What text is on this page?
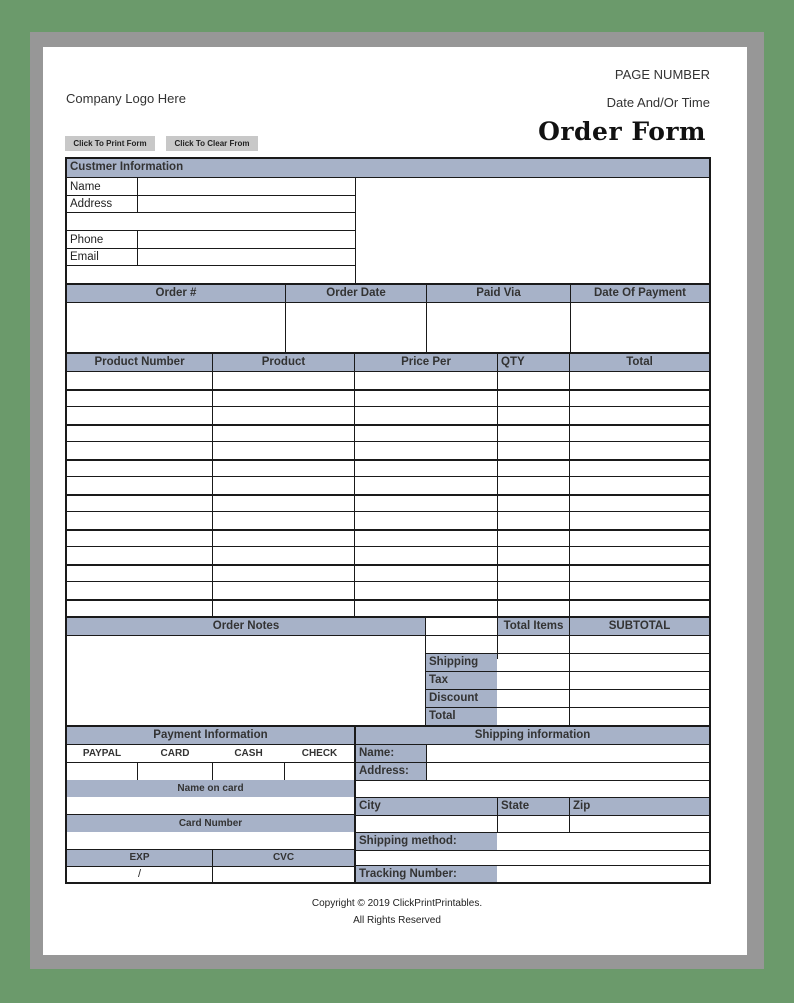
PAGE NUMBER
Company Logo Here	Date And/Or Time
Order Form
Click To Print Form	Click To Clear From
Custmer Information
Name
Address
Phone
Email
Order #	Order Date	Paid Via	Date Of Payment
Product Number	Product	Price Per	QTY	Total
Order Notes	Total Items	SUBTOTAL
Shipping
Tax
Discount
Total
Payment Information
PAYPAL	CARD	CASH	CHECK
Name on card
Card Number
EXP	CVC
/
Shipping information
Name:
Address:
City	State	Zip
Shipping method:
Tracking Number:
Copyright © 2019 ClickPrintPrintables.
All Rights Reserved
